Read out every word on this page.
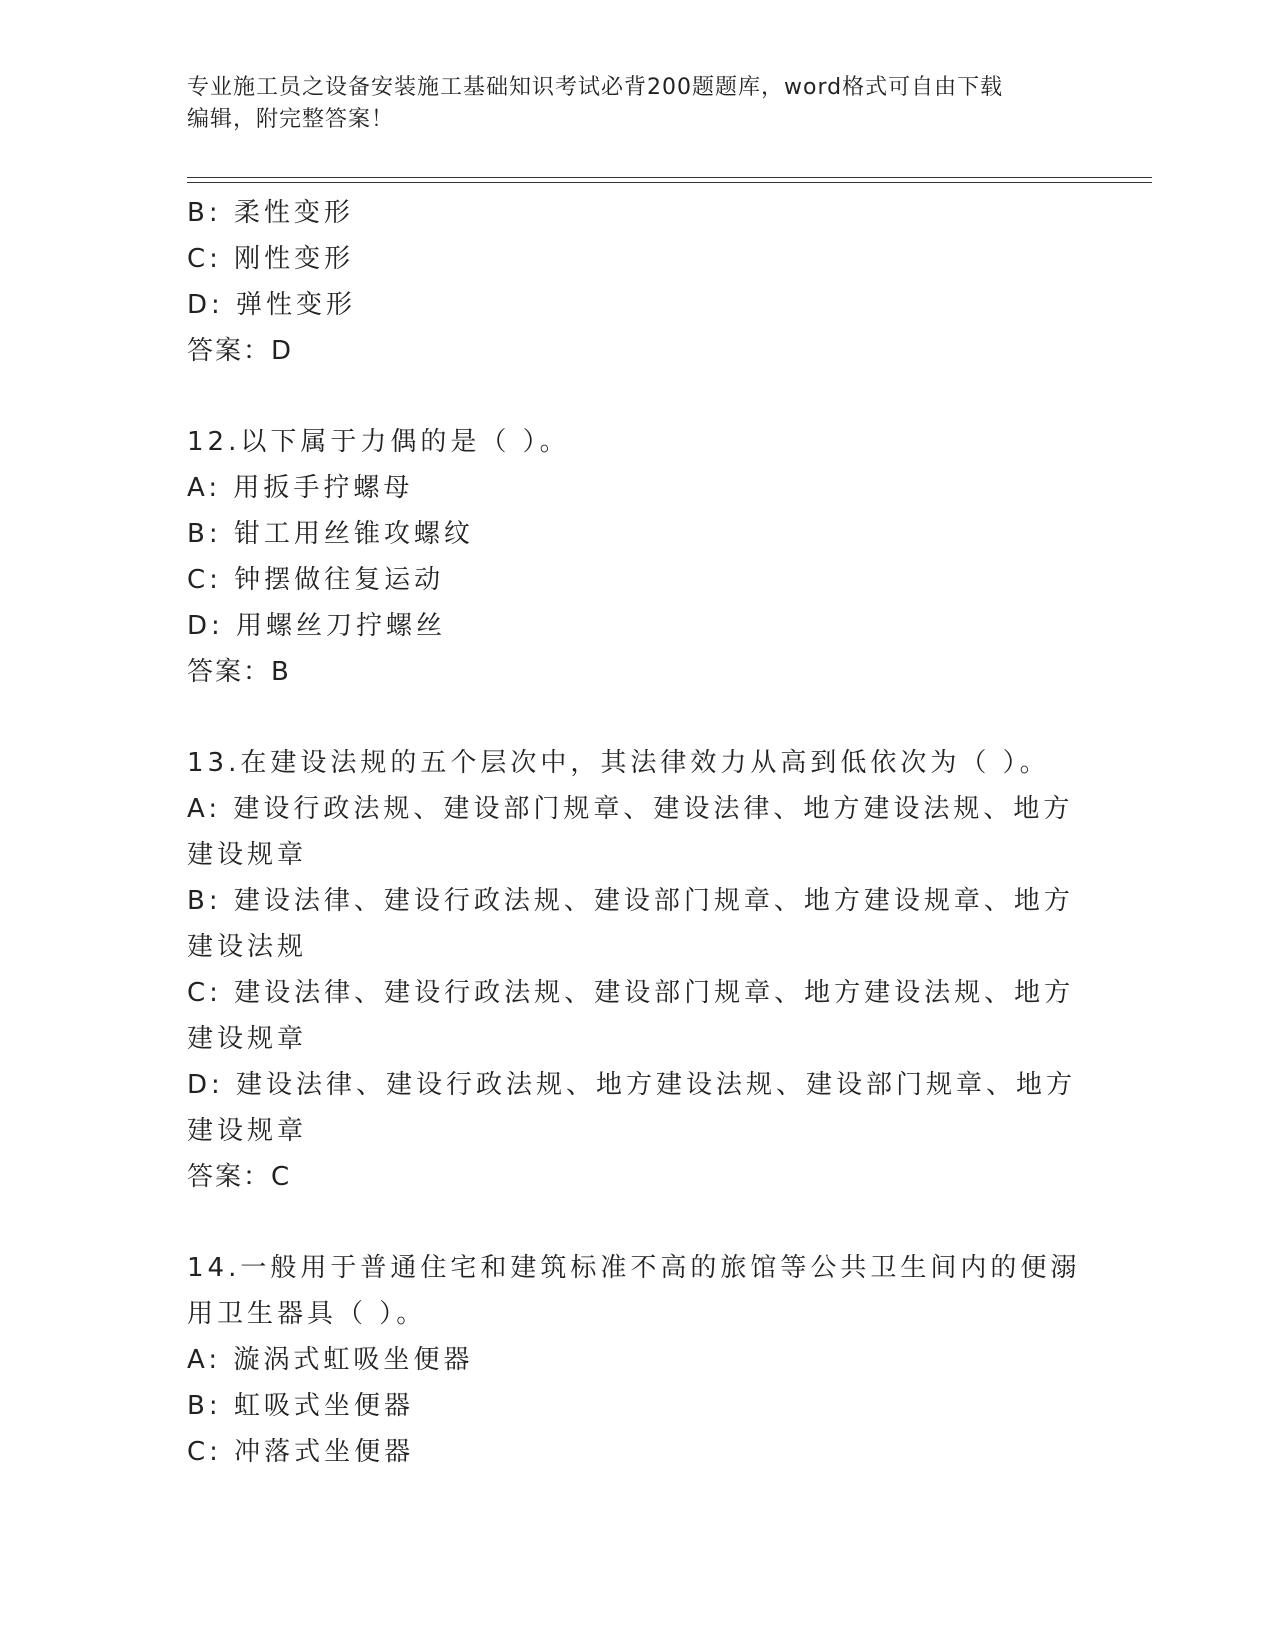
专业施工员之设备安装施工基础知识考试必背200题题库，word格式可自由下载
编辑，附完整答案！

B: 柔性变形

C: 刚性变形

D: 弹性变形

答案：D

12.以下属于力偶的是（ ）。

A: 用扳手拧螺母

B: 钳工用丝锥攻螺纹

C: 钟摆做往复运动

D: 用螺丝刀拧螺丝

答案：B

13.在建设法规的五个层次中，其法律效力从高到低依次为（ ）。

A: 建设行政法规、建设部门规章、建设法律、地方建设法规、地方建设规章

B: 建设法律、建设行政法规、建设部门规章、地方建设规章、地方建设法规

C: 建设法律、建设行政法规、建设部门规章、地方建设法规、地方建设规章

D: 建设法律、建设行政法规、地方建设法规、建设部门规章、地方建设规章

答案：C

14.一般用于普通住宅和建筑标准不高的旅馆等公共卫生间内的便溺用卫生器具（ ）。

A: 漩涡式虹吸坐便器

B: 虹吸式坐便器

C: 冲落式坐便器
